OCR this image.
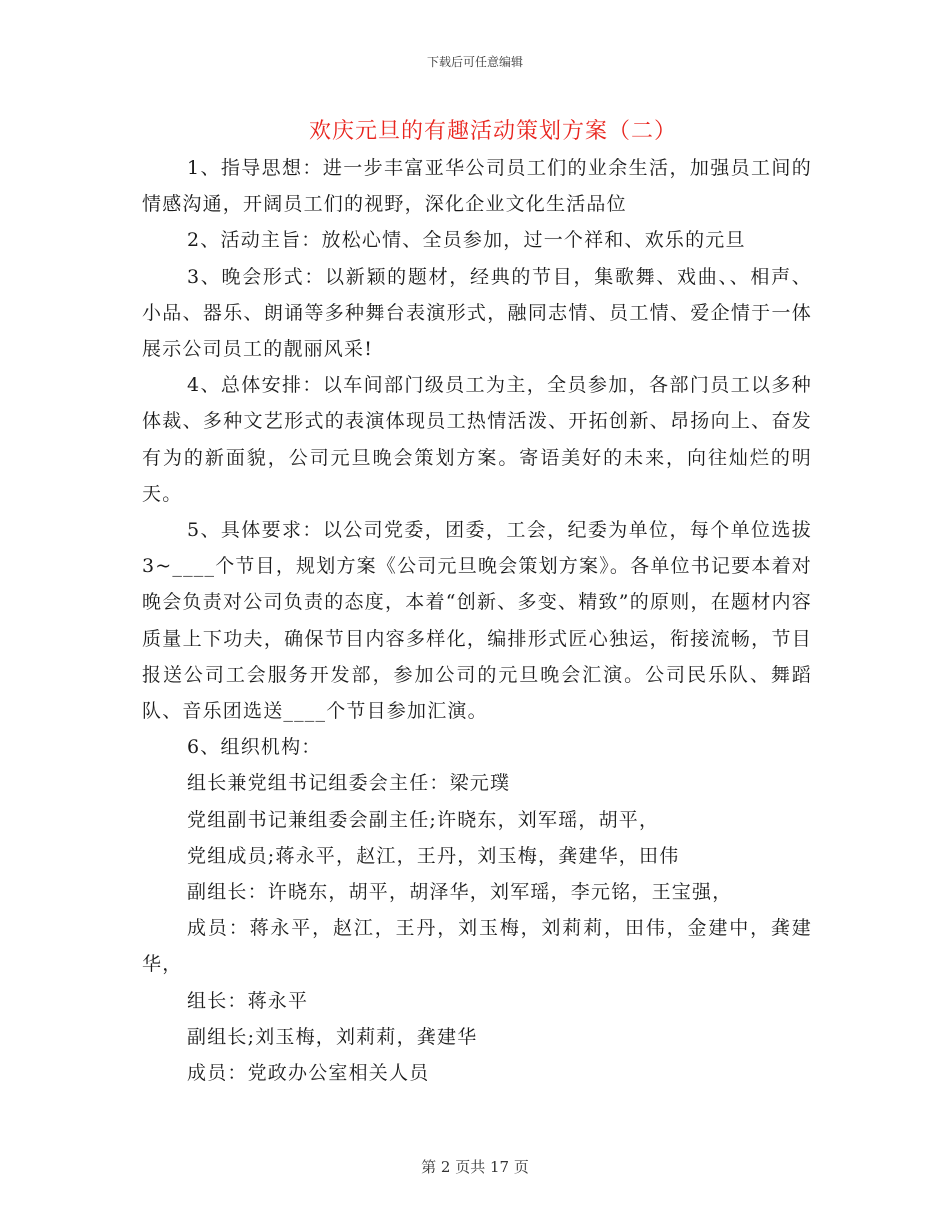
下载后可任意编辑
欢庆元旦的有趣活动策划方案（二）

1、指导思想：进一步丰富亚华公司员工们的业余生活，加强员工间的情感沟通，开阔员工们的视野，深化企业文化生活品位

2、活动主旨：放松心情、全员参加，过一个祥和、欢乐的元旦

3、晚会形式：以新颖的题材，经典的节目，集歌舞、戏曲、、相声、小品、器乐、朗诵等多种舞台表演形式，融同志情、员工情、爱企情于一体展示公司员工的靓丽风采!

4、总体安排：以车间部门级员工为主，全员参加，各部门员工以多种体裁、多种文艺形式的表演体现员工热情活泼、开拓创新、昂扬向上、奋发有为的新面貌，公司元旦晚会策划方案。寄语美好的未来，向往灿烂的明天。

5、具体要求：以公司党委，团委，工会，纪委为单位，每个单位选拔3~____个节目，规划方案《公司元旦晚会策划方案》。各单位书记要本着对晚会负责对公司负责的态度，本着“创新、多变、精致”的原则，在题材内容质量上下功夫，确保节目内容多样化，编排形式匠心独运，衔接流畅，节目报送公司工会服务开发部，参加公司的元旦晚会汇演。公司民乐队、舞蹈队、音乐团选送____个节目参加汇演。

6、组织机构：

组长兼党组书记组委会主任：梁元璞

党组副书记兼组委会副主任;许晓东，刘军瑶，胡平，

党组成员;蒋永平，赵江，王丹，刘玉梅，龚建华，田伟

副组长：许晓东，胡平，胡泽华，刘军瑶，李元铭，王宝强，

成员：蒋永平，赵江，王丹，刘玉梅，刘莉莉，田伟，金建中，龚建华，

组长：蒋永平

副组长;刘玉梅，刘莉莉，龚建华

成员：党政办公室相关人员

第 2 页共 17 页
